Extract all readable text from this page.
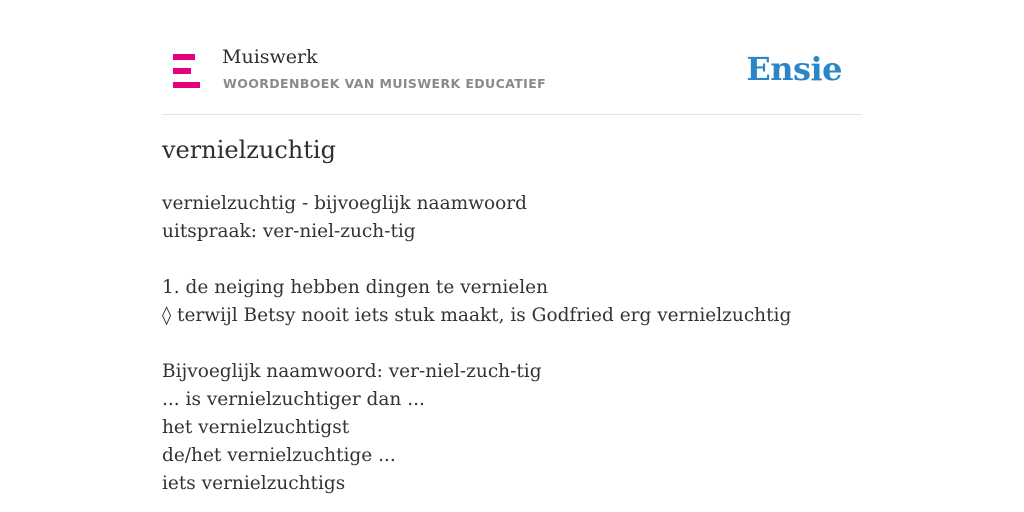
Muiswerk
WOORDENBOEK VAN MUISWERK EDUCATIEF	Ensie
vernielzuchtig
vernielzuchtig - bijvoeglijk naamwoord
uitspraak: ver-niel-zuch-tig
1. de neiging hebben dingen te vernielen
◊ terwijl Betsy nooit iets stuk maakt, is Godfried erg vernielzuchtig
Bijvoeglijk naamwoord: ver-niel-zuch-tig
... is vernielzuchtiger dan ...
het vernielzuchtigst
de/het vernielzuchtige ...
iets vernielzuchtigs
